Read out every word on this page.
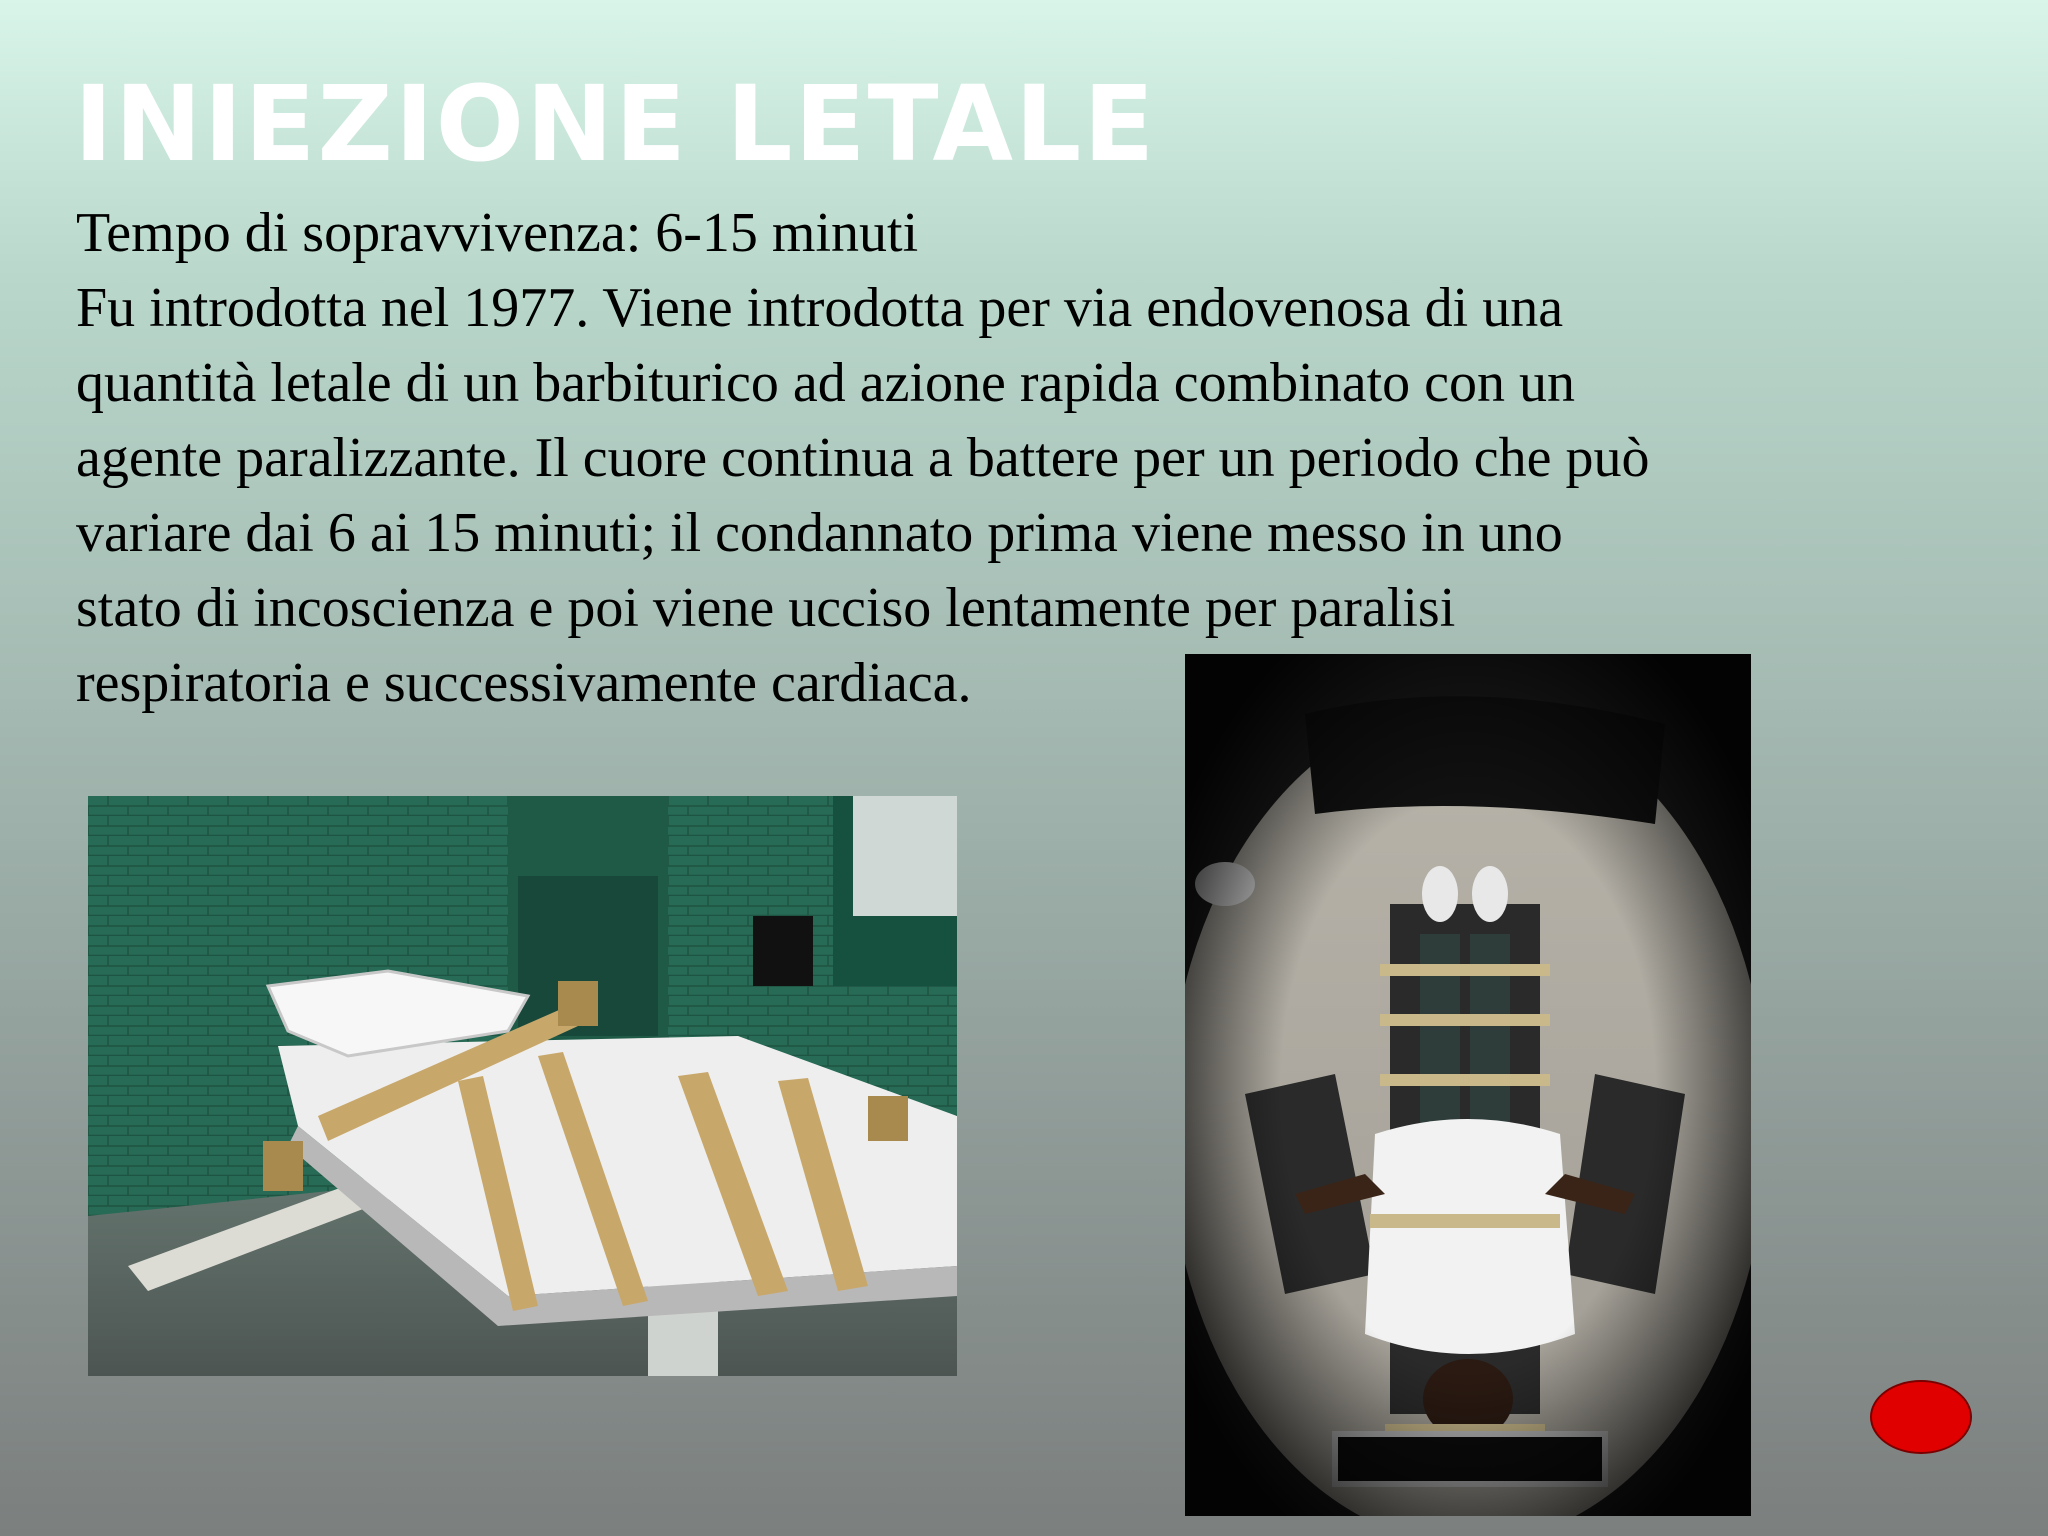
INIEZIONE LETALE
Tempo di sopravvivenza: 6-15 minuti
Fu introdotta nel 1977. Viene introdotta per via endovenosa di una
quantità letale di un barbiturico ad azione rapida combinato con un
agente paralizzante. Il cuore continua a battere per un periodo che può
variare dai 6 ai 15 minuti; il condannato prima viene messo in uno
stato di incoscienza e poi viene ucciso lentamente per paralisi
respiratoria e successivamente cardiaca.
